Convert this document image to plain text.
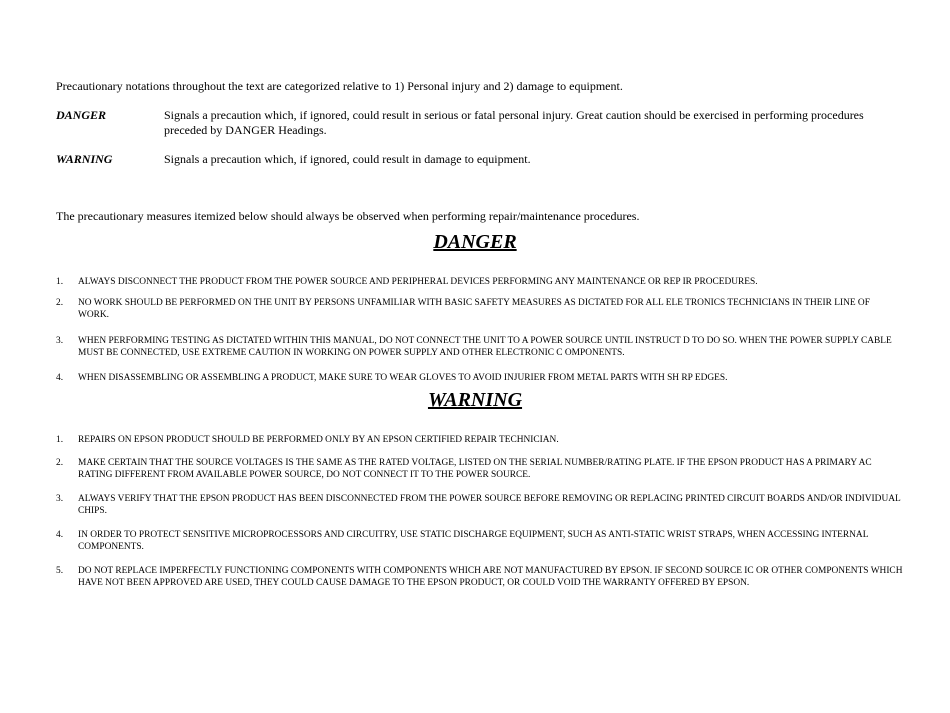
Precautionary notations throughout the text are categorized relative to 1) Personal injury and 2) damage to equipment.
DANGER	Signals a precaution which, if ignored, could result in serious or fatal personal injury. Great caution should be exercised in performing procedures preceded by DANGER Headings.
WARNING	Signals a precaution which, if ignored, could result in damage to equipment.
The precautionary measures itemized below should always be observed when performing repair/maintenance procedures.
DANGER
1. ALWAYS DISCONNECT THE PRODUCT FROM THE POWER SOURCE AND PERIPHERAL DEVICES PERFORMING ANY MAINTENANCE OR REP IR PROCEDURES.
2. NO WORK SHOULD BE PERFORMED ON THE UNIT BY PERSONS UNFAMILIAR WITH BASIC SAFETY MEASURES AS DICTATED FOR ALL ELE TRONICS TECHNICIANS IN THEIR LINE OF WORK.
3. WHEN PERFORMING TESTING AS DICTATED WITHIN THIS MANUAL, DO NOT CONNECT THE UNIT TO A POWER SOURCE UNTIL INSTRUCT D TO DO SO. WHEN THE POWER SUPPLY CABLE MUST BE CONNECTED, USE EXTREME CAUTION IN WORKING ON POWER SUPPLY AND OTHER ELECTRONIC C OMPONENTS.
4. WHEN DISASSEMBLING OR ASSEMBLING A PRODUCT, MAKE SURE TO WEAR GLOVES TO AVOID INJURIER FROM METAL PARTS WITH SH RP EDGES.
WARNING
1. REPAIRS ON EPSON PRODUCT SHOULD BE PERFORMED ONLY BY AN EPSON CERTIFIED REPAIR TECHNICIAN.
2. MAKE CERTAIN THAT THE SOURCE VOLTAGES IS THE SAME AS THE RATED VOLTAGE, LISTED ON THE SERIAL NUMBER/RATING PLATE. IF THE EPSON PRODUCT HAS A PRIMARY AC RATING DIFFERENT FROM AVAILABLE POWER SOURCE, DO NOT CONNECT IT TO THE POWER SOURCE.
3. ALWAYS VERIFY THAT THE EPSON PRODUCT HAS BEEN DISCONNECTED FROM THE POWER SOURCE BEFORE REMOVING OR REPLACING PRINTED CIRCUIT BOARDS AND/OR INDIVIDUAL CHIPS.
4. IN ORDER TO PROTECT SENSITIVE MICROPROCESSORS AND CIRCUITRY, USE STATIC DISCHARGE EQUIPMENT, SUCH AS ANTI-STATIC WRIST STRAPS, WHEN ACCESSING INTERNAL COMPONENTS.
5. DO NOT REPLACE IMPERFECTLY FUNCTIONING COMPONENTS WITH COMPONENTS WHICH ARE NOT MANUFACTURED BY EPSON. IF SECOND SOURCE IC OR OTHER COMPONENTS WHICH HAVE NOT BEEN APPROVED ARE USED, THEY COULD CAUSE DAMAGE TO THE EPSON PRODUCT, OR COULD VOID THE WARRANTY OFFERED BY EPSON.
